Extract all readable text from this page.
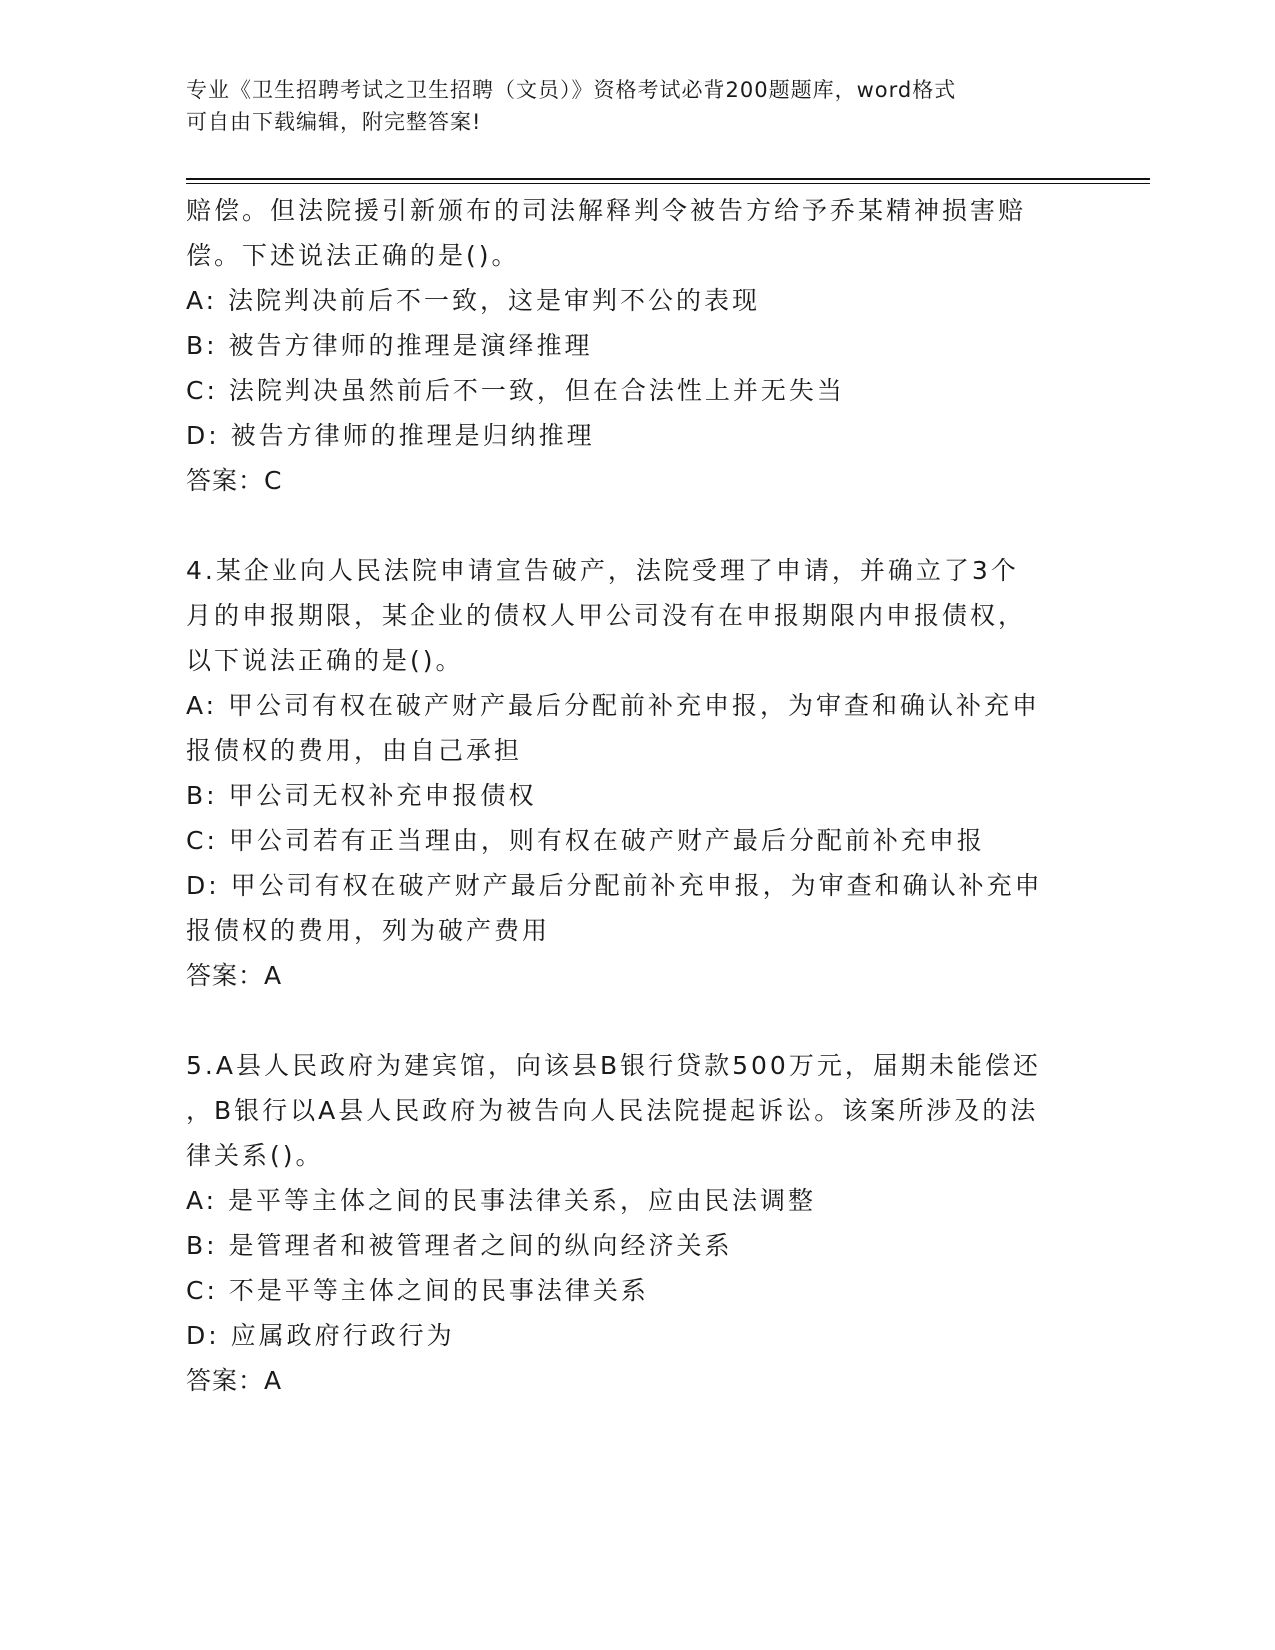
专业《卫生招聘考试之卫生招聘（文员）》资格考试必背200题题库，word格式
可自由下载编辑，附完整答案!
赔偿。但法院援引新颁布的司法解释判令被告方给予乔某精神损害赔
偿。下述说法正确的是()。
A: 法院判决前后不一致，这是审判不公的表现
B: 被告方律师的推理是演绎推理
C: 法院判决虽然前后不一致，但在合法性上并无失当
D: 被告方律师的推理是归纳推理
答案：C
4.某企业向人民法院申请宣告破产，法院受理了申请，并确立了3个
月的申报期限，某企业的债权人甲公司没有在申报期限内申报债权，
以下说法正确的是()。
A: 甲公司有权在破产财产最后分配前补充申报，为审查和确认补充申
报债权的费用，由自己承担
B: 甲公司无权补充申报债权
C: 甲公司若有正当理由，则有权在破产财产最后分配前补充申报
D: 甲公司有权在破产财产最后分配前补充申报，为审查和确认补充申
报债权的费用，列为破产费用
答案：A
5.A县人民政府为建宾馆，向该县B银行贷款500万元，届期未能偿还
，B银行以A县人民政府为被告向人民法院提起诉讼。该案所涉及的法
律关系()。
A: 是平等主体之间的民事法律关系，应由民法调整
B: 是管理者和被管理者之间的纵向经济关系
C: 不是平等主体之间的民事法律关系
D: 应属政府行政行为
答案：A
